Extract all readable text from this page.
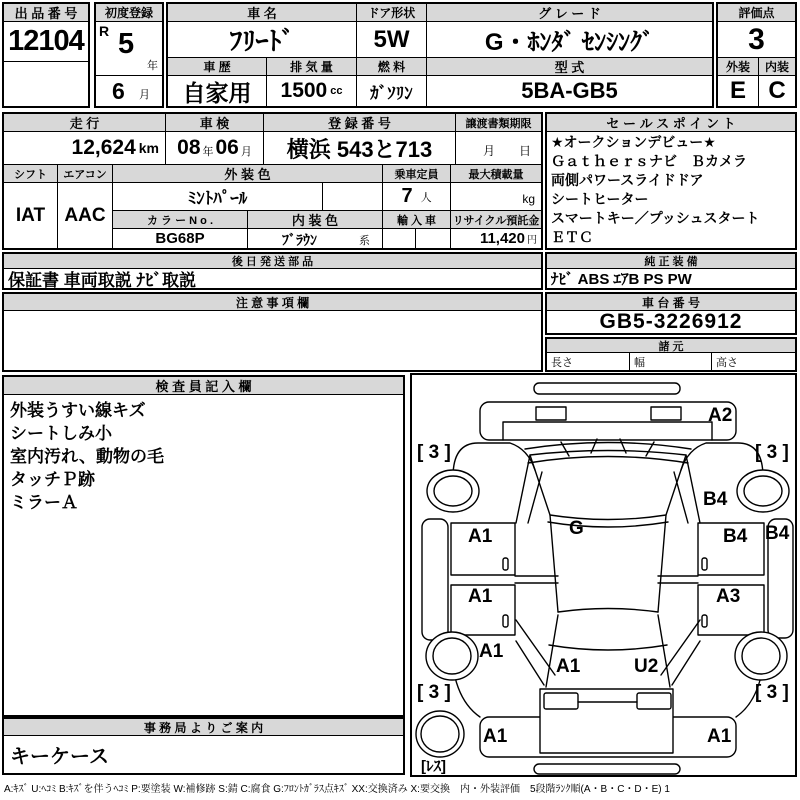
出 品 番 号
12104
初度登録
R 5
年
6 月
車 名	ドア形状	グ レ ー ド
ﾌﾘｰﾄﾞ	5W	G・ﾎﾝﾀﾞ ｾﾝｼﾝｸﾞ
車 歴	排 気 量	燃 料	型 式
自家用	1500 cc	ｶﾞｿﾘﾝ	5BA-GB5
評価点
3
外装	内装
E C
走 行	車 検	登 録 番 号	譲渡書類期限
12,624 km 08 年 06 月	横浜 543と713	月　　日
シフト	エアコン	外 装 色	乗車定員	最大積載量
IAT	AAC
ﾐﾝﾄﾊﾟｰﾙ	7 人	kg
カ ラ ー N o .	内 装 色	輸 入 車	リサイクル預託金
BG68P	ﾌﾞﾗｳﾝ	系	11,420 円
セ ー ル ス ポ イ ン ト
★オークションデビュー★
Ｇａｔｈｅｒｓナビ　Ｂカメラ
両側パワースライドドア
シートヒーター
スマートキー／プッシュスタート
ＥＴＣ
後 日 発 送 部 品
保証書 車両取説 ﾅﾋﾞ取説
純 正 装 備
ﾅﾋﾞ ABS ｴｱB PS PW
注 意 事 項 欄	車 台 番 号
GB5-3226912
諸 元
長さ	幅	高さ
検 査 員 記 入 欄
外装うすい線キズ
シートしみ小
室内汚れ、動物の毛
タッチＰ跡
ミラーＡ
事 務 局 よ り ご 案 内
キーケース
A2
[ 3 ]	[ 3 ]
B4
G
A1	B4 B4
A1	A3
A1
A1	U2
[ 3 ]	[ 3 ]
A1	A1
[ﾚｽ]
A:ｷｽﾞ U:ﾍｺﾐ B:ｷｽﾞを伴うﾍｺﾐ P:要塗装 W:補修跡 S:錆 C:腐食 G:ﾌﾛﾝﾄｶﾞﾗｽ点ｷｽﾞ XX:交換済み X:要交換　内・外装評価　5段階ﾗﾝｸ順(A・B・C・D・E) 1
